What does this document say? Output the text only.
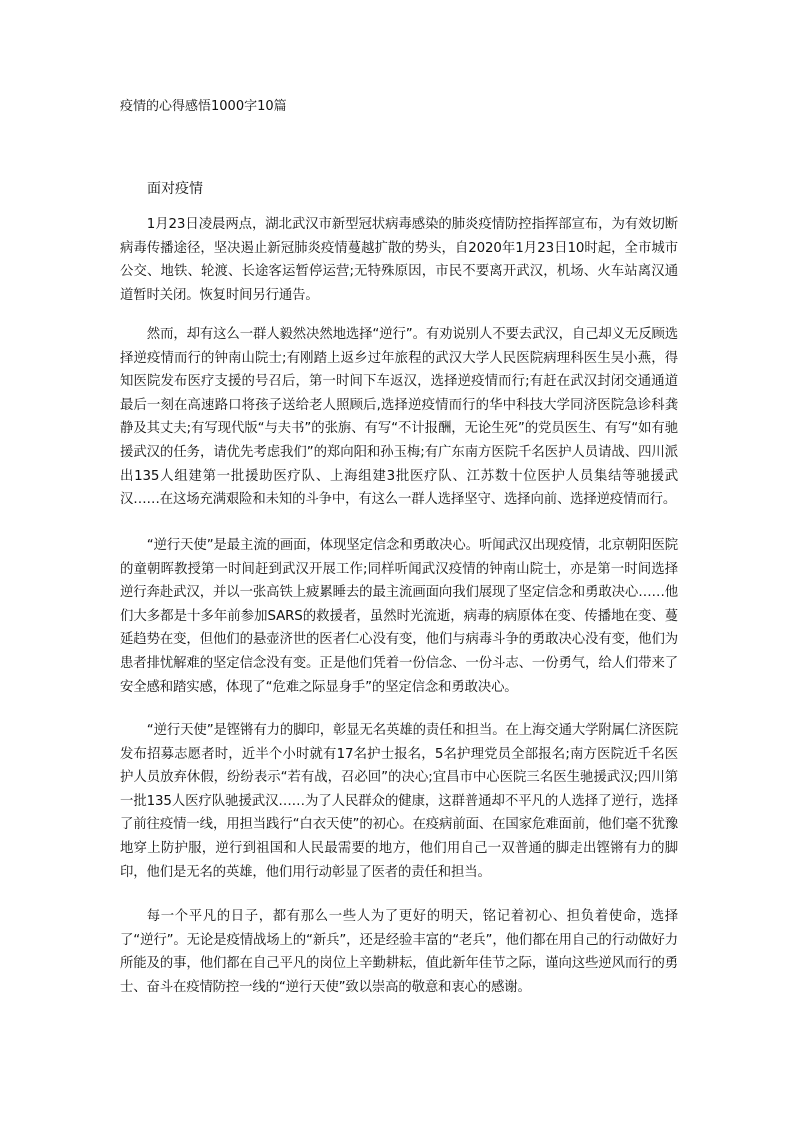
疫情的心得感悟1000字10篇
面对疫情

1月23日凌晨两点，湖北武汉市新型冠状病毒感染的肺炎疫情防控指挥部宣布，为有效切断病毒传播途径，坚决遏止新冠肺炎疫情蔓越扩散的势头，自2020年1月23日10时起，全市城市公交、地铁、轮渡、长途客运暂停运营;无特殊原因，市民不要离开武汉，机场、火车站离汉通道暂时关闭。恢复时间另行通告。

然而，却有这么一群人毅然决然地选择“逆行”。有劝说别人不要去武汉，自己却义无反顾选择逆疫情而行的钟南山院士;有刚踏上返乡过年旅程的武汉大学人民医院病理科医生吴小燕，得知医院发布医疗支援的号召后，第一时间下车返汉，选择逆疫情而行;有赶在武汉封闭交通通道最后一刻在高速路口将孩子送给老人照顾后,选择逆疫情而行的华中科技大学同济医院急诊科龚静及其丈夫;有写现代版“与夫书”的张旃、有写“不计报酬，无论生死”的党员医生、有写“如有驰援武汉的任务，请优先考虑我们”的郑向阳和孙玉梅;有广东南方医院千名医护人员请战、四川派出135人组建第一批援助医疗队、上海组建3批医疗队、江苏数十位医护人员集结等驰援武汉……在这场充满艰险和未知的斗争中，有这么一群人选择坚守、选择向前、选择逆疫情而行。

“逆行天使”是最主流的画面，体现坚定信念和勇敢决心。听闻武汉出现疫情，北京朝阳医院的童朝晖教授第一时间赶到武汉开展工作;同样听闻武汉疫情的钟南山院士，亦是第一时间选择逆行奔赴武汉，并以一张高铁上疲累睡去的最主流画面向我们展现了坚定信念和勇敢决心……他们大多都是十多年前参加SARS的救援者，虽然时光流逝，病毒的病原体在变、传播地在变、蔓延趋势在变，但他们的悬壶济世的医者仁心没有变，他们与病毒斗争的勇敢决心没有变，他们为患者排忧解难的坚定信念没有变。正是他们凭着一份信念、一份斗志、一份勇气，给人们带来了安全感和踏实感，体现了“危难之际显身手”的坚定信念和勇敢决心。

“逆行天使”是铿锵有力的脚印，彰显无名英雄的责任和担当。在上海交通大学附属仁济医院发布招募志愿者时，近半个小时就有17名护士报名，5名护理党员全部报名;南方医院近千名医护人员放弃休假，纷纷表示“若有战，召必回”的决心;宜昌市中心医院三名医生驰援武汉;四川第一批135人医疗队驰援武汉……为了人民群众的健康，这群普通却不平凡的人选择了逆行，选择了前往疫情一线，用担当践行“白衣天使”的初心。在疫病前面、在国家危难面前，他们毫不犹豫地穿上防护服，逆行到祖国和人民最需要的地方，他们用自己一双普通的脚走出铿锵有力的脚印，他们是无名的英雄，他们用行动彰显了医者的责任和担当。

每一个平凡的日子，都有那么一些人为了更好的明天，铭记着初心、担负着使命，选择了“逆行”。无论是疫情战场上的“新兵”，还是经验丰富的“老兵”，他们都在用自己的行动做好力所能及的事，他们都在自己平凡的岗位上辛勤耕耘，值此新年佳节之际，谨向这些逆风而行的勇士、奋斗在疫情防控一线的“逆行天使”致以崇高的敬意和衷心的感谢。
